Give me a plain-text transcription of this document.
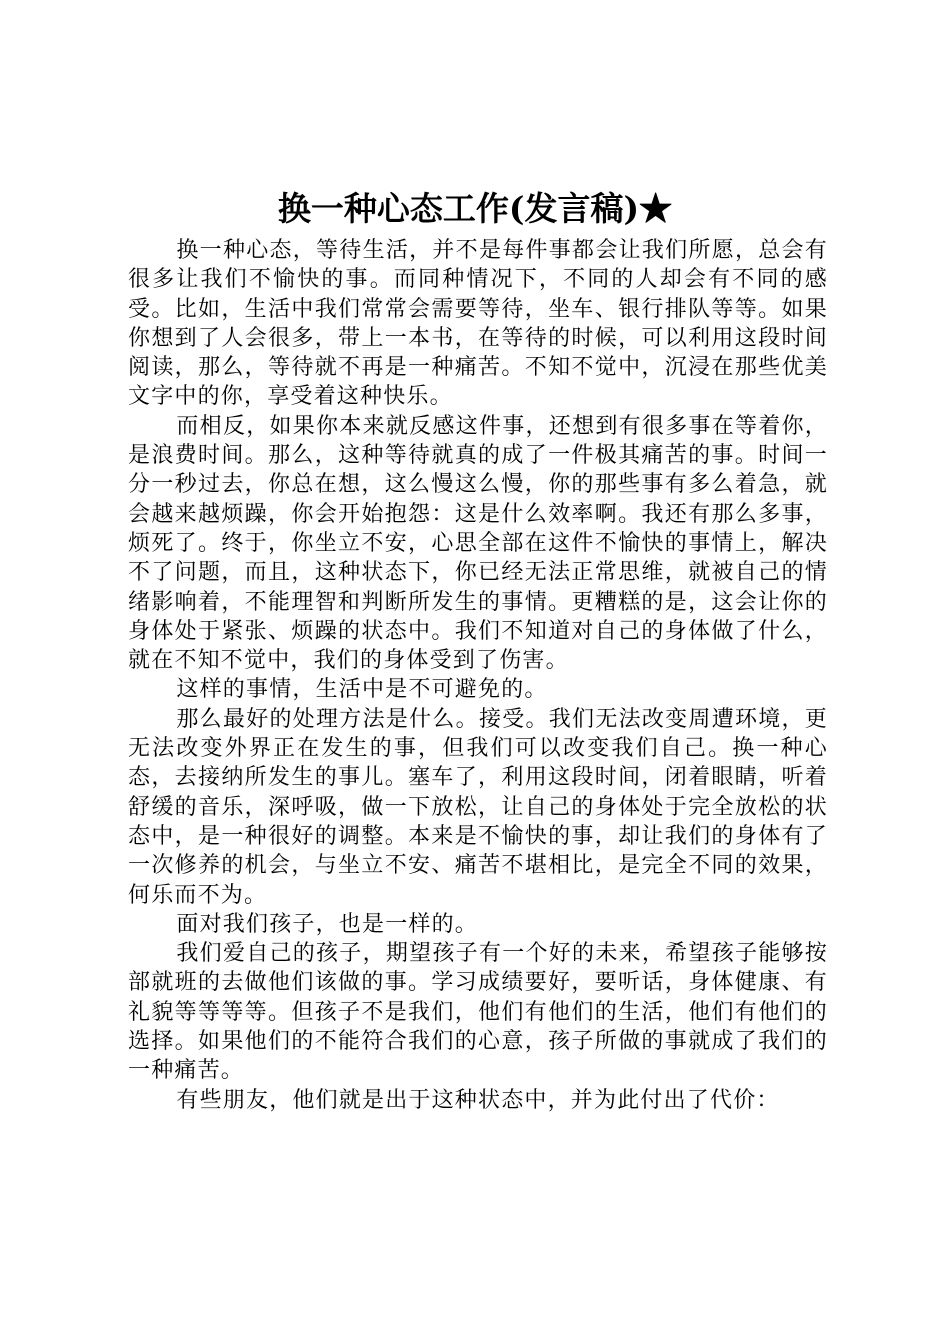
换一种心态工作(发言稿)★

换一种心态，等待生活，并不是每件事都会让我们所愿，总会有很多让我们不愉快的事。而同种情况下，不同的人却会有不同的感受。比如，生活中我们常常会需要等待，坐车、银行排队等等。如果你想到了人会很多，带上一本书，在等待的时候，可以利用这段时间阅读，那么，等待就不再是一种痛苦。不知不觉中，沉浸在那些优美文字中的你，享受着这种快乐。

而相反，如果你本来就反感这件事，还想到有很多事在等着你，是浪费时间。那么，这种等待就真的成了一件极其痛苦的事。时间一分一秒过去，你总在想，这么慢这么慢，你的那些事有多么着急，就会越来越烦躁，你会开始抱怨：这是什么效率啊。我还有那么多事，烦死了。终于，你坐立不安，心思全部在这件不愉快的事情上，解决不了问题，而且，这种状态下，你已经无法正常思维，就被自己的情绪影响着，不能理智和判断所发生的事情。更糟糕的是，这会让你的身体处于紧张、烦躁的状态中。我们不知道对自己的身体做了什么，就在不知不觉中，我们的身体受到了伤害。

这样的事情，生活中是不可避免的。

那么最好的处理方法是什么。接受。我们无法改变周遭环境，更无法改变外界正在发生的事，但我们可以改变我们自己。换一种心态，去接纳所发生的事儿。塞车了，利用这段时间，闭着眼睛，听着舒缓的音乐，深呼吸，做一下放松，让自己的身体处于完全放松的状态中，是一种很好的调整。本来是不愉快的事，却让我们的身体有了一次修养的机会，与坐立不安、痛苦不堪相比，是完全不同的效果，何乐而不为。

面对我们孩子，也是一样的。

我们爱自己的孩子，期望孩子有一个好的未来，希望孩子能够按部就班的去做他们该做的事。学习成绩要好，要听话，身体健康、有礼貌等等等等。但孩子不是我们，他们有他们的生活，他们有他们的选择。如果他们的不能符合我们的心意，孩子所做的事就成了我们的一种痛苦。

有些朋友，他们就是出于这种状态中，并为此付出了代价：
